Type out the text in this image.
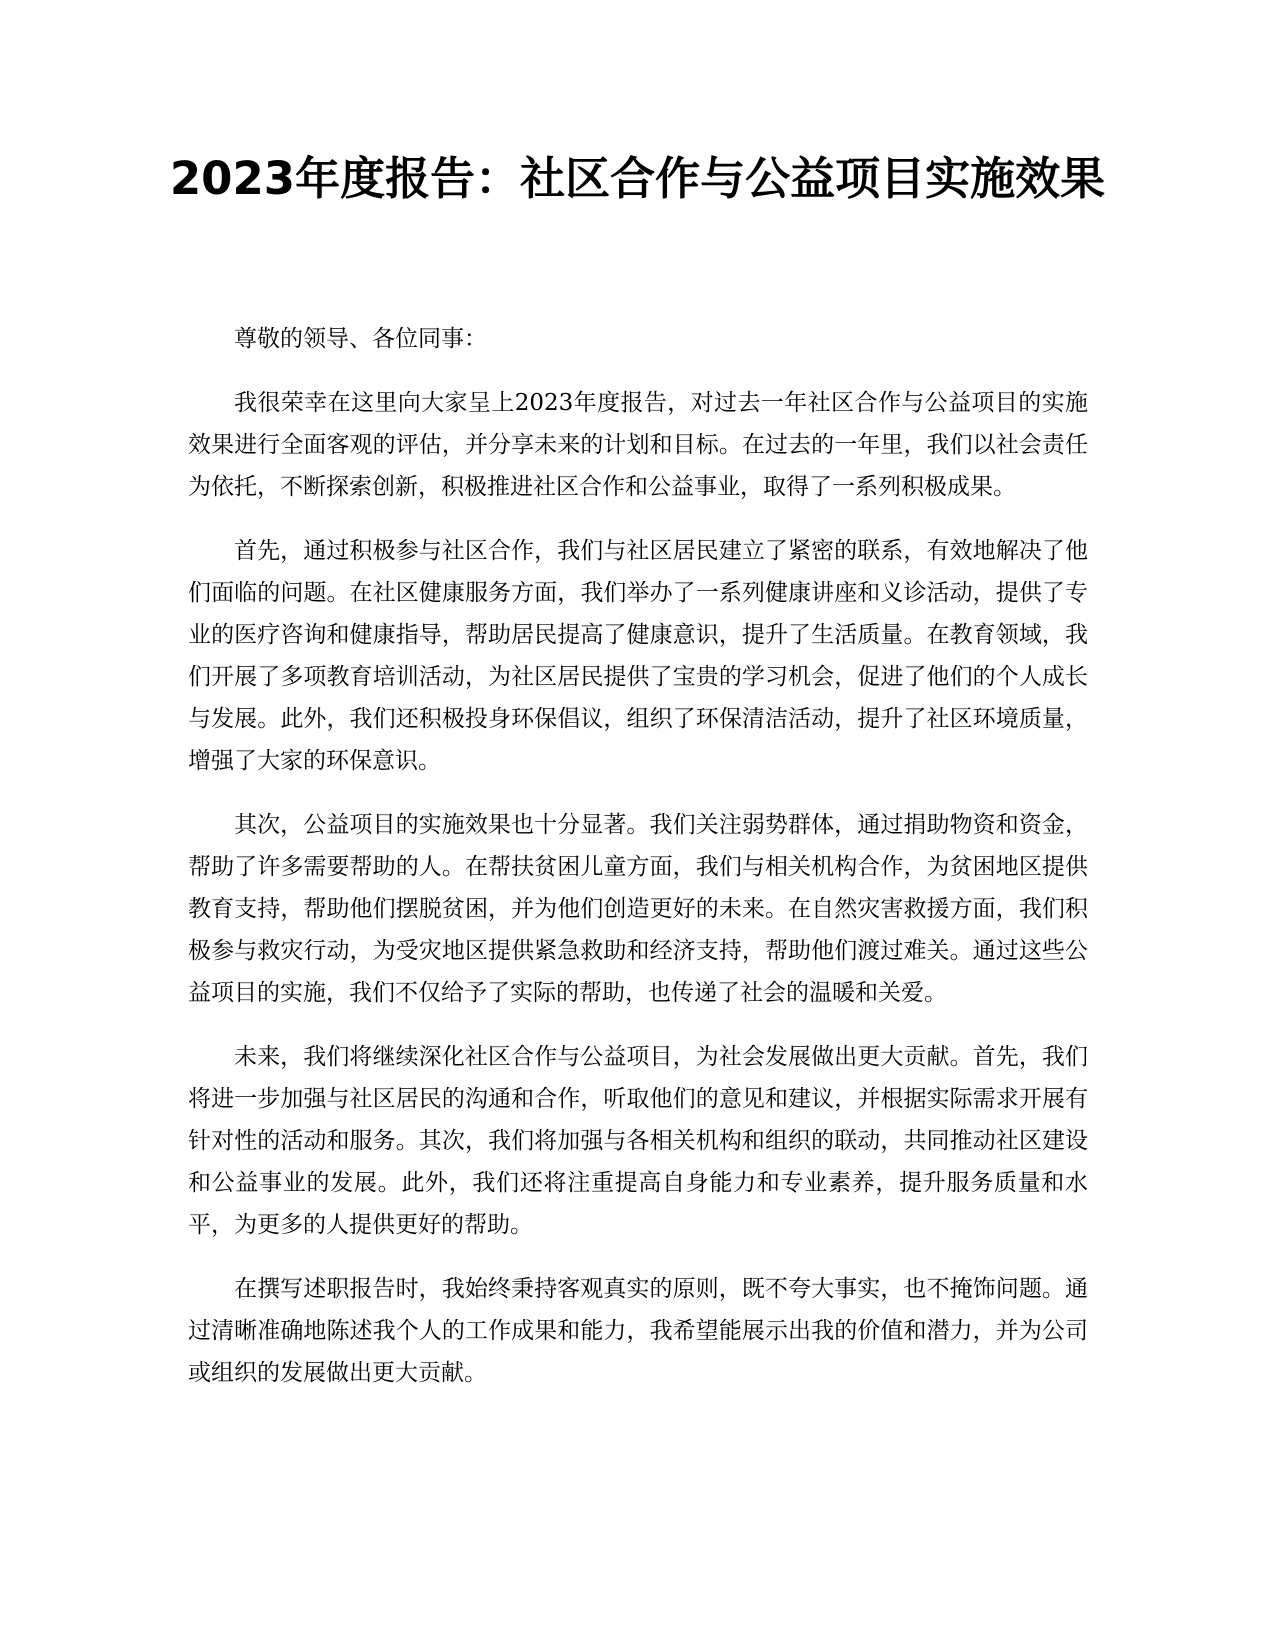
2023年度报告：社区合作与公益项目实施效果

尊敬的领导、各位同事：

我很荣幸在这里向大家呈上2023年度报告，对过去一年社区合作与公益项目的实施效果进行全面客观的评估，并分享未来的计划和目标。在过去的一年里，我们以社会责任为依托，不断探索创新，积极推进社区合作和公益事业，取得了一系列积极成果。

首先，通过积极参与社区合作，我们与社区居民建立了紧密的联系，有效地解决了他们面临的问题。在社区健康服务方面，我们举办了一系列健康讲座和义诊活动，提供了专业的医疗咨询和健康指导，帮助居民提高了健康意识，提升了生活质量。在教育领域，我们开展了多项教育培训活动，为社区居民提供了宝贵的学习机会，促进了他们的个人成长与发展。此外，我们还积极投身环保倡议，组织了环保清洁活动，提升了社区环境质量，增强了大家的环保意识。

其次，公益项目的实施效果也十分显著。我们关注弱势群体，通过捐助物资和资金，帮助了许多需要帮助的人。在帮扶贫困儿童方面，我们与相关机构合作，为贫困地区提供教育支持，帮助他们摆脱贫困，并为他们创造更好的未来。在自然灾害救援方面，我们积极参与救灾行动，为受灾地区提供紧急救助和经济支持，帮助他们渡过难关。通过这些公益项目的实施，我们不仅给予了实际的帮助，也传递了社会的温暖和关爱。

未来，我们将继续深化社区合作与公益项目，为社会发展做出更大贡献。首先，我们将进一步加强与社区居民的沟通和合作，听取他们的意见和建议，并根据实际需求开展有针对性的活动和服务。其次，我们将加强与各相关机构和组织的联动，共同推动社区建设和公益事业的发展。此外，我们还将注重提高自身能力和专业素养，提升服务质量和水平，为更多的人提供更好的帮助。

在撰写述职报告时，我始终秉持客观真实的原则，既不夸大事实，也不掩饰问题。通过清晰准确地陈述我个人的工作成果和能力，我希望能展示出我的价值和潜力，并为公司或组织的发展做出更大贡献。
